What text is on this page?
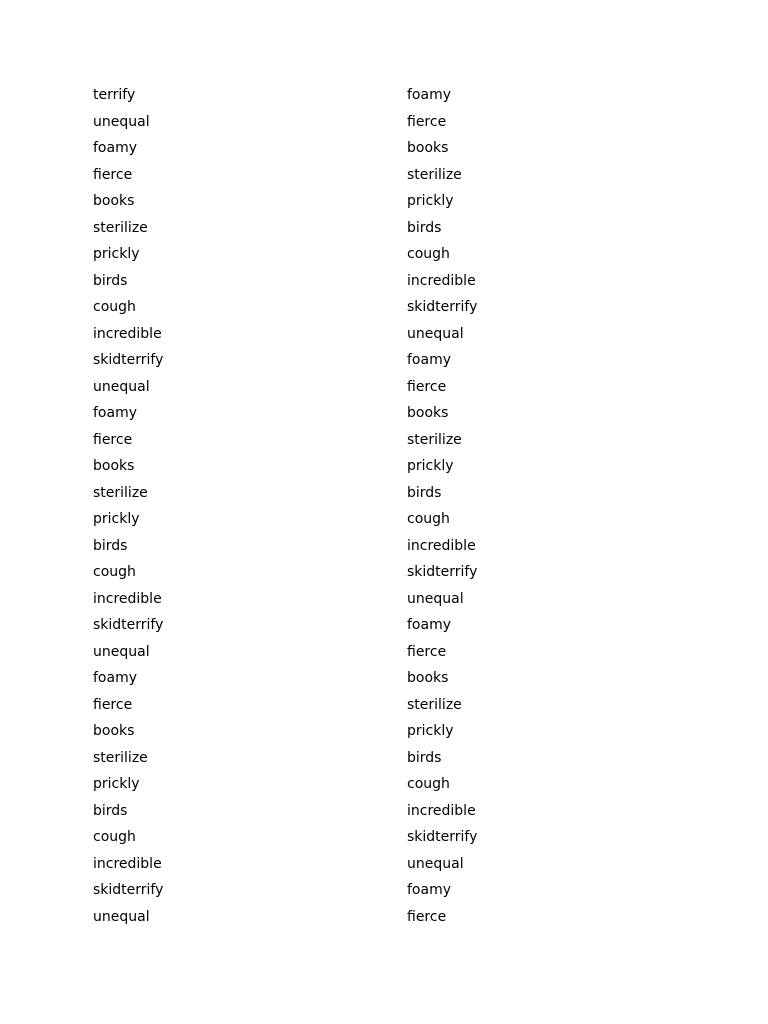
terrify
unequal
foamy
fierce
books
sterilize
prickly
birds
cough
incredible
skidterrify
unequal
foamy
fierce
books
sterilize
prickly
birds
cough
incredible
skidterrify
unequal
foamy
fierce
books
sterilize
prickly
birds
cough
incredible
skidterrify
unequal
foamy
fierce
books
sterilize
prickly
birds
cough
incredible
skidterrify
unequal
foamy
fierce
books
sterilize
prickly
birds
cough
incredible
skidterrify
unequal
foamy
fierce
books
sterilize
prickly
birds
cough
incredible
skidterrify
unequal
foamy
fierce
